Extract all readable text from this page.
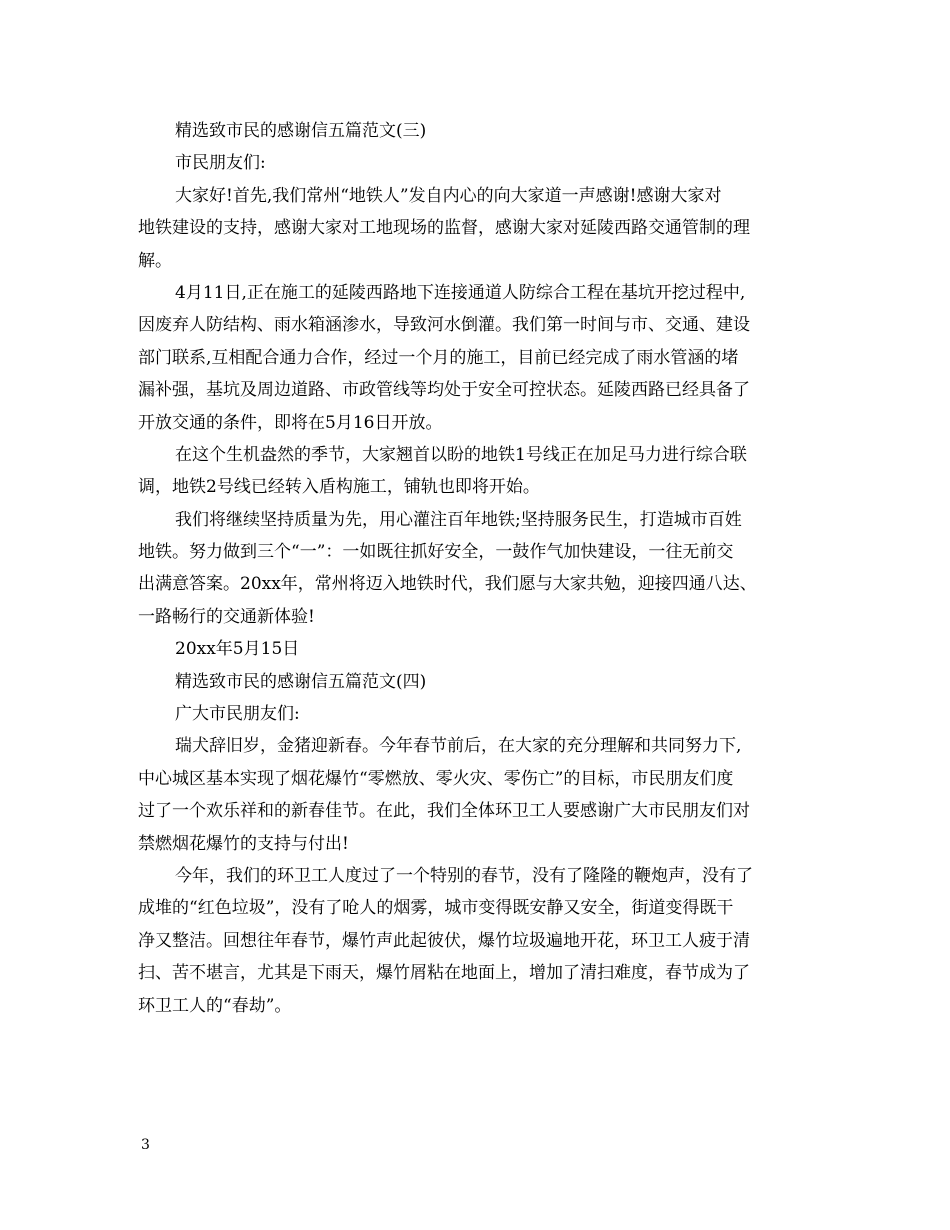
精选致市民的感谢信五篇范文(三)
市民朋友们:
大家好!首先,我们常州“地铁人”发自内心的向大家道一声感谢!感谢大家对
地铁建设的支持，感谢大家对工地现场的监督，感谢大家对延陵西路交通管制的理
解。
4月11日,正在施工的延陵西路地下连接通道人防综合工程在基坑开挖过程中,
因废弃人防结构、雨水箱涵渗水，导致河水倒灌。我们第一时间与市、交通、建设
部门联系,互相配合通力合作，经过一个月的施工，目前已经完成了雨水管涵的堵
漏补强，基坑及周边道路、市政管线等均处于安全可控状态。延陵西路已经具备了
开放交通的条件，即将在5月16日开放。
在这个生机盎然的季节，大家翘首以盼的地铁1号线正在加足马力进行综合联
调，地铁2号线已经转入盾构施工，铺轨也即将开始。
我们将继续坚持质量为先，用心灌注百年地铁;坚持服务民生，打造城市百姓
地铁。努力做到三个“一”：一如既往抓好安全，一鼓作气加快建设，一往无前交
出满意答案。20xx年，常州将迈入地铁时代，我们愿与大家共勉，迎接四通八达、
一路畅行的交通新体验!
20xx年5月15日
精选致市民的感谢信五篇范文(四)
广大市民朋友们:
瑞犬辞旧岁，金猪迎新春。今年春节前后，在大家的充分理解和共同努力下,
中心城区基本实现了烟花爆竹“零燃放、零火灾、零伤亡”的目标，市民朋友们度
过了一个欢乐祥和的新春佳节。在此，我们全体环卫工人要感谢广大市民朋友们对
禁燃烟花爆竹的支持与付出!
今年，我们的环卫工人度过了一个特别的春节，没有了隆隆的鞭炮声，没有了
成堆的“红色垃圾”，没有了呛人的烟雾，城市变得既安静又安全，街道变得既干
净又整洁。回想往年春节，爆竹声此起彼伏，爆竹垃圾遍地开花，环卫工人疲于清
扫、苦不堪言，尤其是下雨天，爆竹屑粘在地面上，增加了清扫难度，春节成为了
环卫工人的“春劫”。
3
